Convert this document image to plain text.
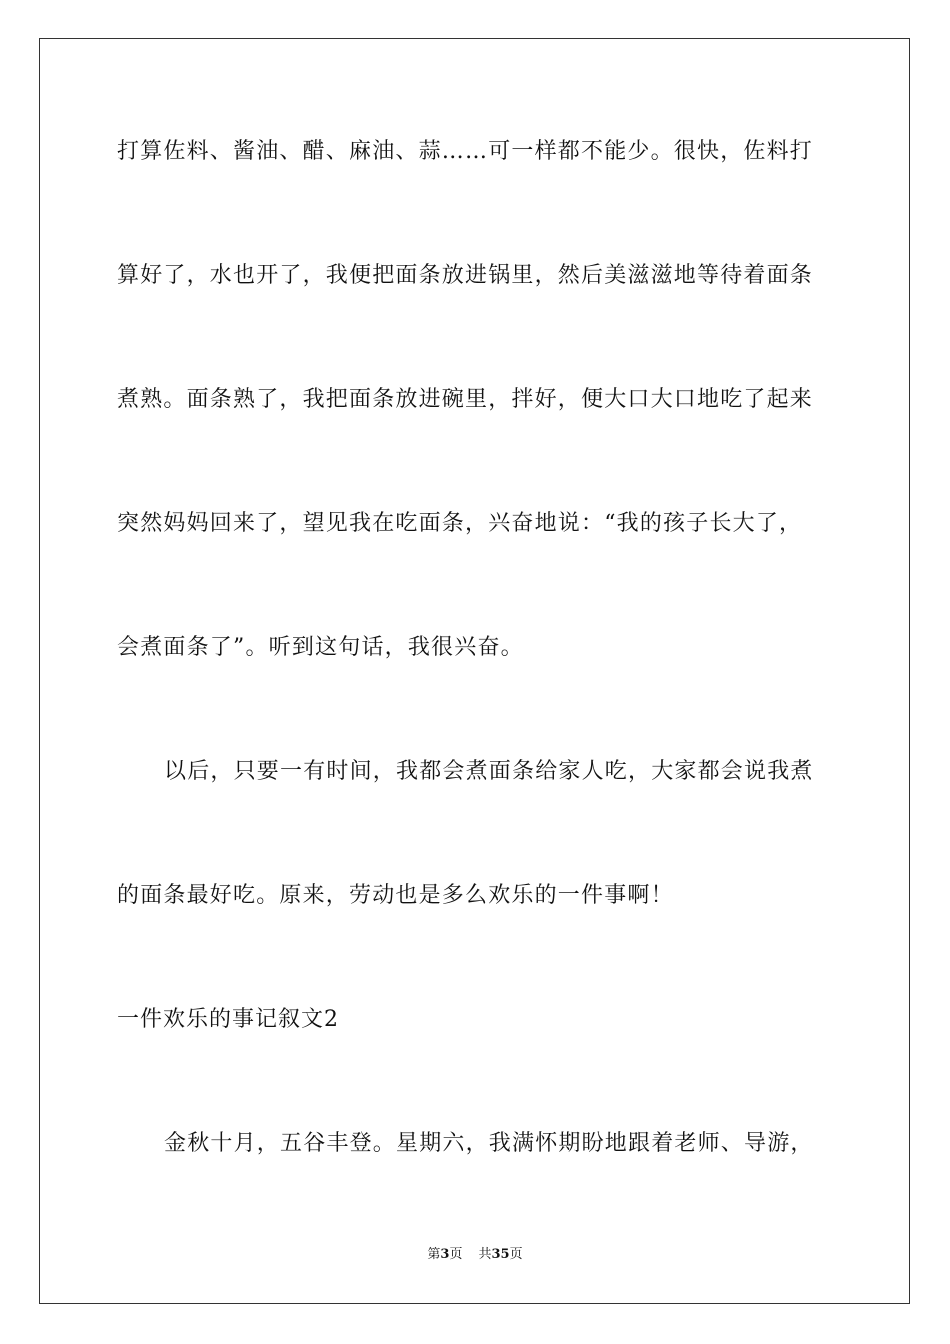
打算佐料、酱油、醋、麻油、蒜……可一样都不能少。很快，佐料打
算好了，水也开了，我便把面条放进锅里，然后美滋滋地等待着面条
煮熟。面条熟了，我把面条放进碗里，拌好，便大口大口地吃了起来
突然妈妈回来了，望见我在吃面条，兴奋地说：“我的孩子长大了，
会煮面条了”。听到这句话，我很兴奋。
以后，只要一有时间，我都会煮面条给家人吃，大家都会说我煮
的面条最好吃。原来，劳动也是多么欢乐的一件事啊！
一件欢乐的事记叙文2
金秋十月，五谷丰登。星期六，我满怀期盼地跟着老师、导游，
第3页 共35页
